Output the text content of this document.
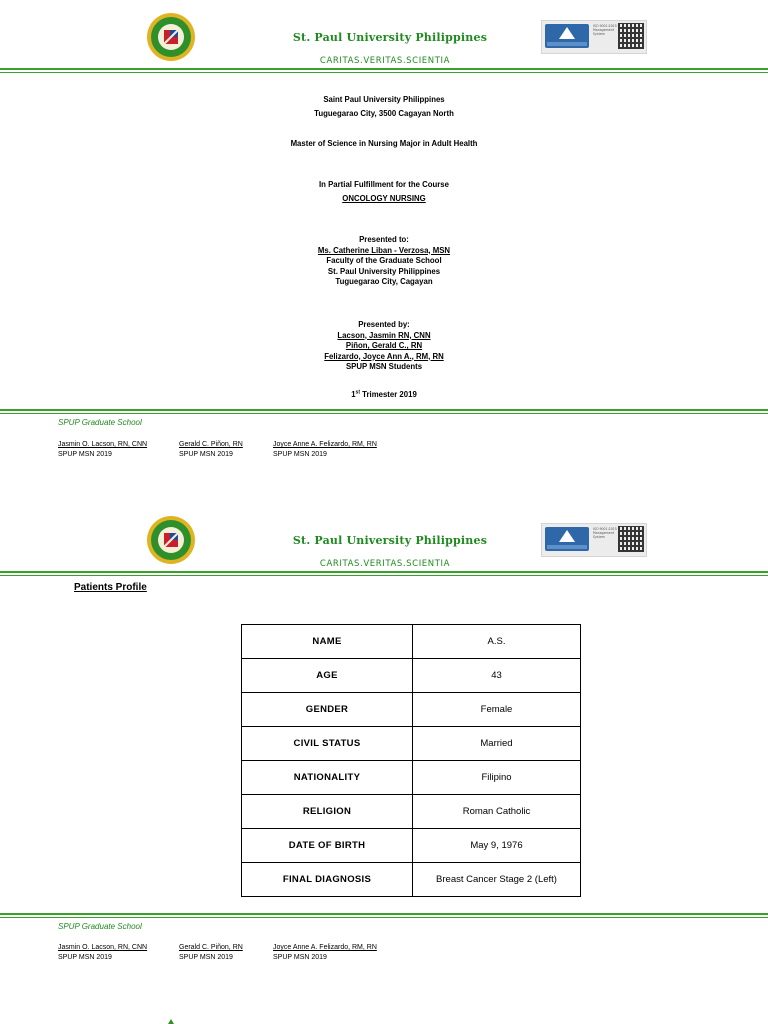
St. Paul University Philippines
CARITAS.VERITAS.SCIENTIA
ISO 9001:2015 Management System
Saint Paul University Philippines
Tuguegarao City, 3500 Cagayan North
Master of Science in Nursing Major in Adult Health
In Partial Fulfillment for the Course
ONCOLOGY NURSING
Presented to:
Ms. Catherine Liban - Verzosa, MSN
Faculty of the Graduate School
St. Paul University Philippines
Tuguegarao City, Cagayan
Presented by:
Lacson, Jasmin RN, CNN
Piñon, Gerald C., RN
Felizardo, Joyce Ann A., RM, RN
SPUP MSN Students
1st Trimester 2019
SPUP Graduate School
Jasmin O. Lacson, RN, CNN
SPUP MSN 2019
Gerald C. Piñon, RN
SPUP MSN 2019
Joyce Anne A. Felizardo, RM, RN
SPUP MSN 2019
St. Paul University Philippines
CARITAS.VERITAS.SCIENTIA
ISO 9001:2015 Management System
Patients Profile
NAME	A.S.
AGE	43
GENDER	Female
CIVIL STATUS	Married
NATIONALITY	Filipino
RELIGION	Roman Catholic
DATE OF BIRTH	May 9, 1976
FINAL DIAGNOSIS	Breast Cancer Stage 2 (Left)
SPUP Graduate School
Jasmin O. Lacson, RN, CNN
SPUP MSN 2019
Gerald C. Piñon, RN
SPUP MSN 2019
Joyce Anne A. Felizardo, RM, RN
SPUP MSN 2019
